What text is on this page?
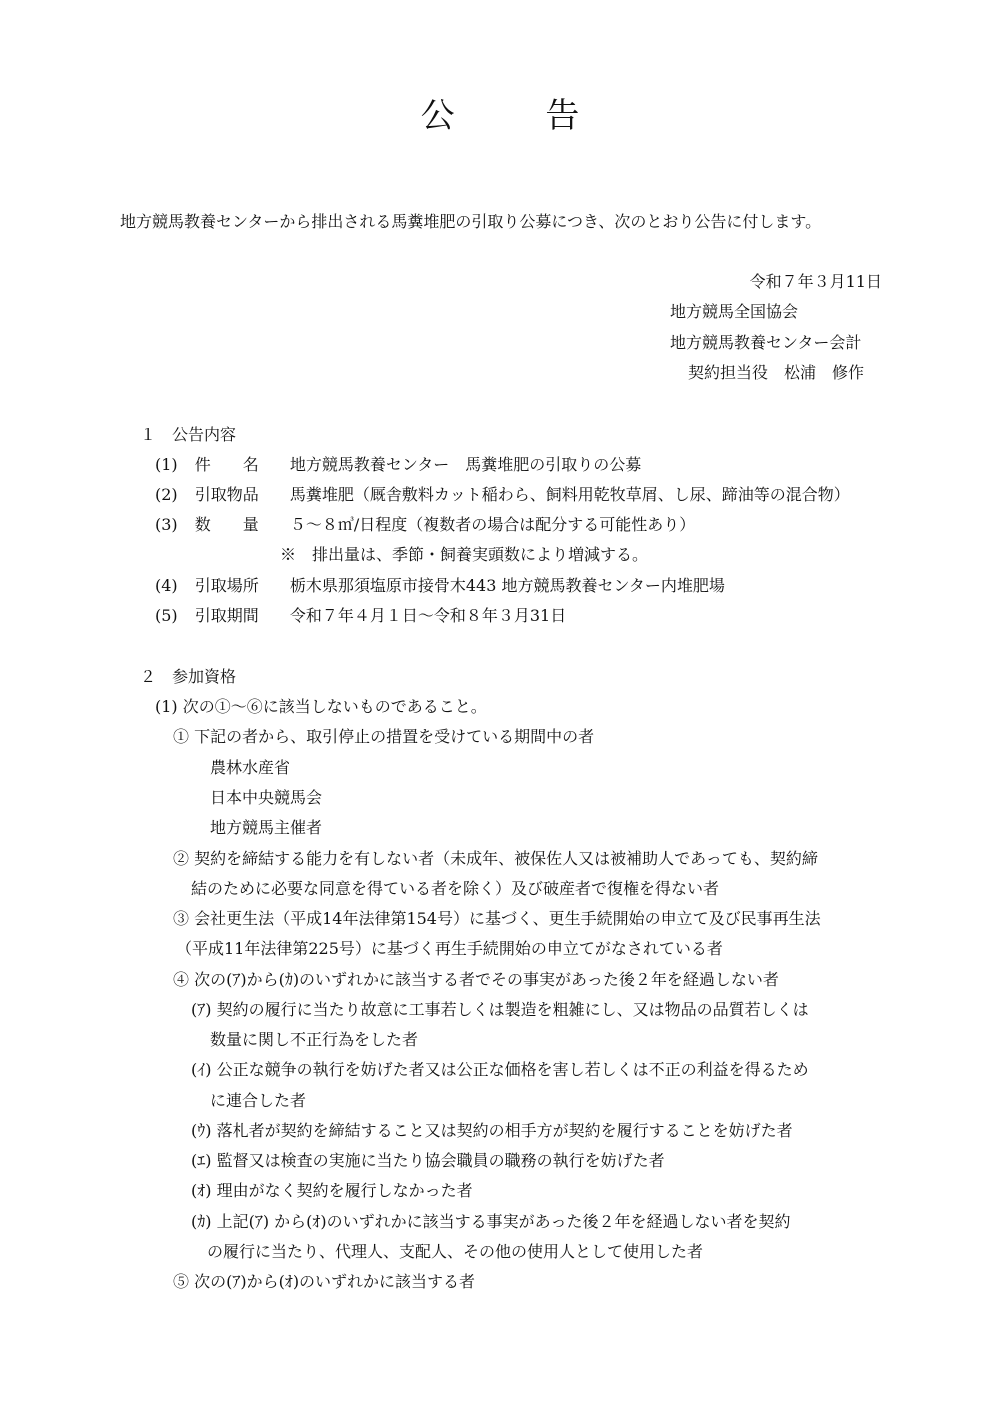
公 告
地方競馬教養センターから排出される馬糞堆肥の引取り公募につき、次のとおり公告に付します。
令和７年３月11日
地方競馬全国協会
地方競馬教養センター会計
契約担当役　松浦　修作
１　公告内容
(1) 件　　名 地方競馬教養センター　馬糞堆肥の引取りの公募
(2) 引取物品 馬糞堆肥（厩舎敷料カット稲わら、飼料用乾牧草屑、し尿、蹄油等の混合物）
(3) 数　　量 ５～８㎥/日程度（複数者の場合は配分する可能性あり）
※　排出量は、季節・飼養実頭数により増減する。
(4) 引取場所 栃木県那須塩原市接骨木443 地方競馬教養センター内堆肥場
(5) 引取期間 令和７年４月１日～令和８年３月31日
２　参加資格
(1) 次の①～⑥に該当しないものであること。
① 下記の者から、取引停止の措置を受けている期間中の者
農林水産省
日本中央競馬会
地方競馬主催者
② 契約を締結する能力を有しない者（未成年、被保佐人又は被補助人であっても、契約締
結のために必要な同意を得ている者を除く）及び破産者で復権を得ない者
③ 会社更生法（平成14年法律第154号）に基づく、更生手続開始の申立て及び民事再生法
（平成11年法律第225号）に基づく再生手続開始の申立てがなされている者
④ 次の(ｱ)から(ｶ)のいずれかに該当する者でその事実があった後２年を経過しない者
(ｱ) 契約の履行に当たり故意に工事若しくは製造を粗雑にし、又は物品の品質若しくは
数量に関し不正行為をした者
(ｲ) 公正な競争の執行を妨げた者又は公正な価格を害し若しくは不正の利益を得るため
に連合した者
(ｳ) 落札者が契約を締結すること又は契約の相手方が契約を履行することを妨げた者
(ｴ) 監督又は検査の実施に当たり協会職員の職務の執行を妨げた者
(ｵ) 理由がなく契約を履行しなかった者
(ｶ) 上記(ｱ) から(ｵ)のいずれかに該当する事実があった後２年を経過しない者を契約
の履行に当たり、代理人、支配人、その他の使用人として使用した者
⑤ 次の(ｱ)から(ｵ)のいずれかに該当する者
